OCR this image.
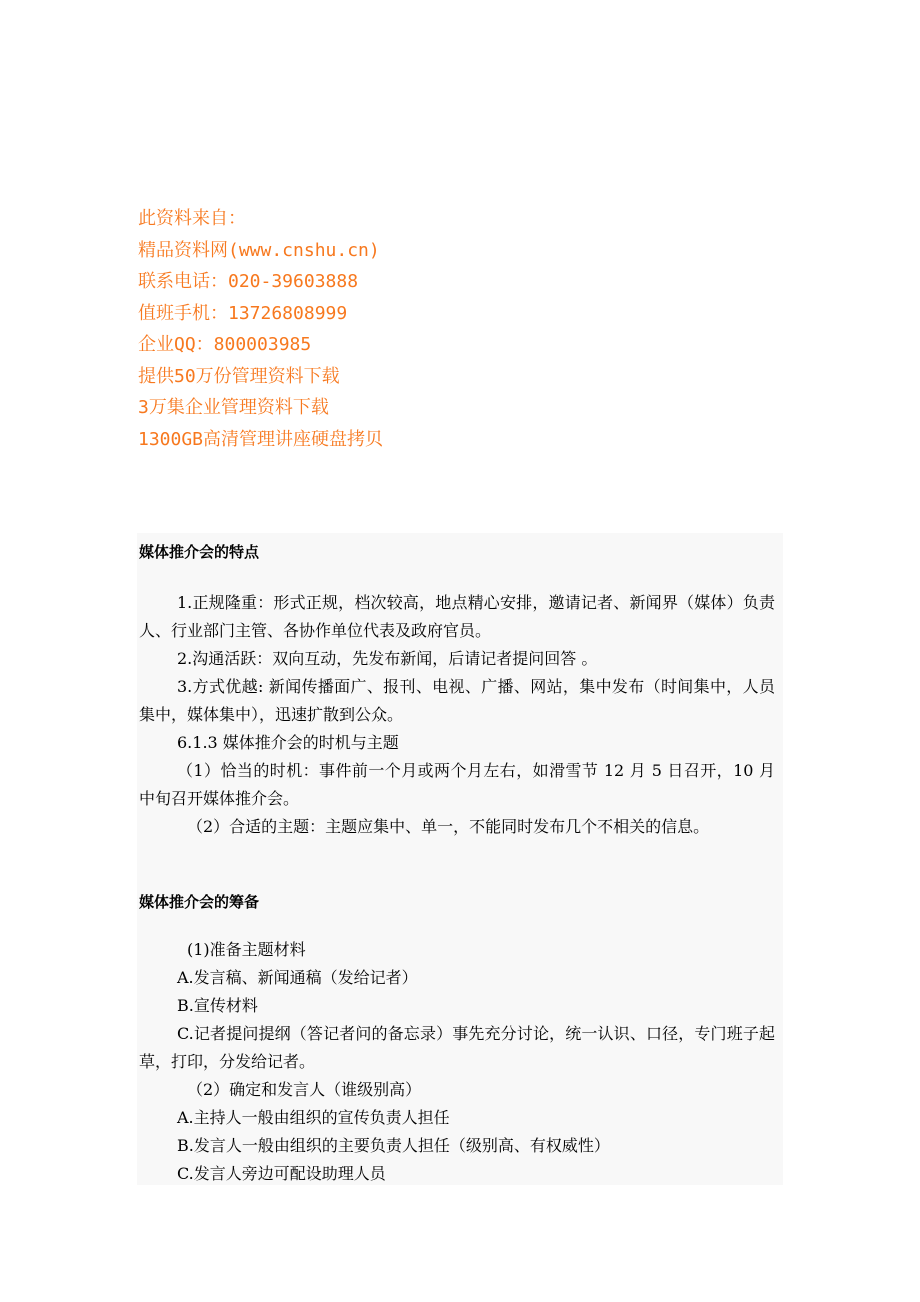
此资料来自：
精品资料网(www.cnshu.cn)
联系电话：020-39603888
值班手机：13726808999
企业QQ：800003985
提供50万份管理资料下载
3万集企业管理资料下载
1300GB高清管理讲座硬盘拷贝
媒体推介会的特点

1.正规隆重：形式正规，档次较高，地点精心安排，邀请记者、新闻界（媒体）负责人、行业部门主管、各协作单位代表及政府官员。

2.沟通活跃：双向互动，先发布新闻，后请记者提问回答 。

3.方式优越: 新闻传播面广、报刊、电视、广播、网站，集中发布（时间集中，人员集中，媒体集中），迅速扩散到公众。

6.1.3 媒体推介会的时机与主题

（1）恰当的时机：事件前一个月或两个月左右，如滑雪节 12 月 5 日召开，10 月中旬召开媒体推介会。

（2）合适的主题：主题应集中、单一，不能同时发布几个不相关的信息。

媒体推介会的筹备

(1)准备主题材料

A.发言稿、新闻通稿（发给记者）

B.宣传材料

C.记者提问提纲（答记者问的备忘录）事先充分讨论，统一认识、口径，专门班子起草，打印，分发给记者。

（2）确定和发言人（谁级别高）

A.主持人一般由组织的宣传负责人担任

B.发言人一般由组织的主要负责人担任（级别高、有权威性）

C.发言人旁边可配设助理人员
